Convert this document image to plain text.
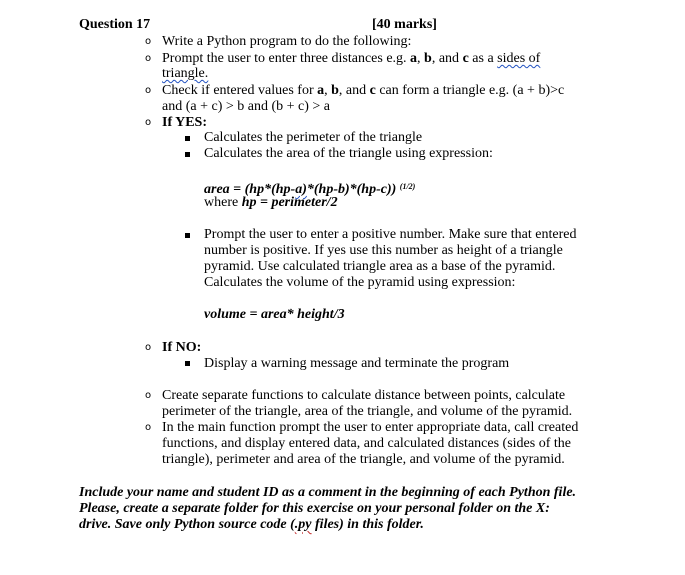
Question 17	[40 marks]
o Write a Python program to do the following:
o Prompt the user to enter three distances e.g. a, b, and c as a sides of
triangle.
o Check if entered values for a, b, and c can form a triangle e.g. (a + b)>c
and (a + c) > b and (b + c) > a
o If YES:
Calculates the perimeter of the triangle
Calculates the area of the triangle using expression:
area = (hp*(hp-a)*(hp-b)*(hp-c)) $^{(1/2)}$
where hp = perimeter/2
Prompt the user to enter a positive number. Make sure that entered
number is positive. If yes use this number as height of a triangle
pyramid. Use calculated triangle area as a base of the pyramid.
Calculates the volume of the pyramid using expression:
volume = area* height/3
o If NO:
Display a warning message and terminate the program
o Create separate functions to calculate distance between points, calculate
perimeter of the triangle, area of the triangle, and volume of the pyramid.
o In the main function prompt the user to enter appropriate data, call created
functions, and display entered data, and calculated distances (sides of the
triangle), perimeter and area of the triangle, and volume of the pyramid.
Include your name and student ID as a comment in the beginning of each Python file.
Please, create a separate folder for this exercise on your personal folder on the X:
drive. Save only Python source code (.py files) in this folder.
